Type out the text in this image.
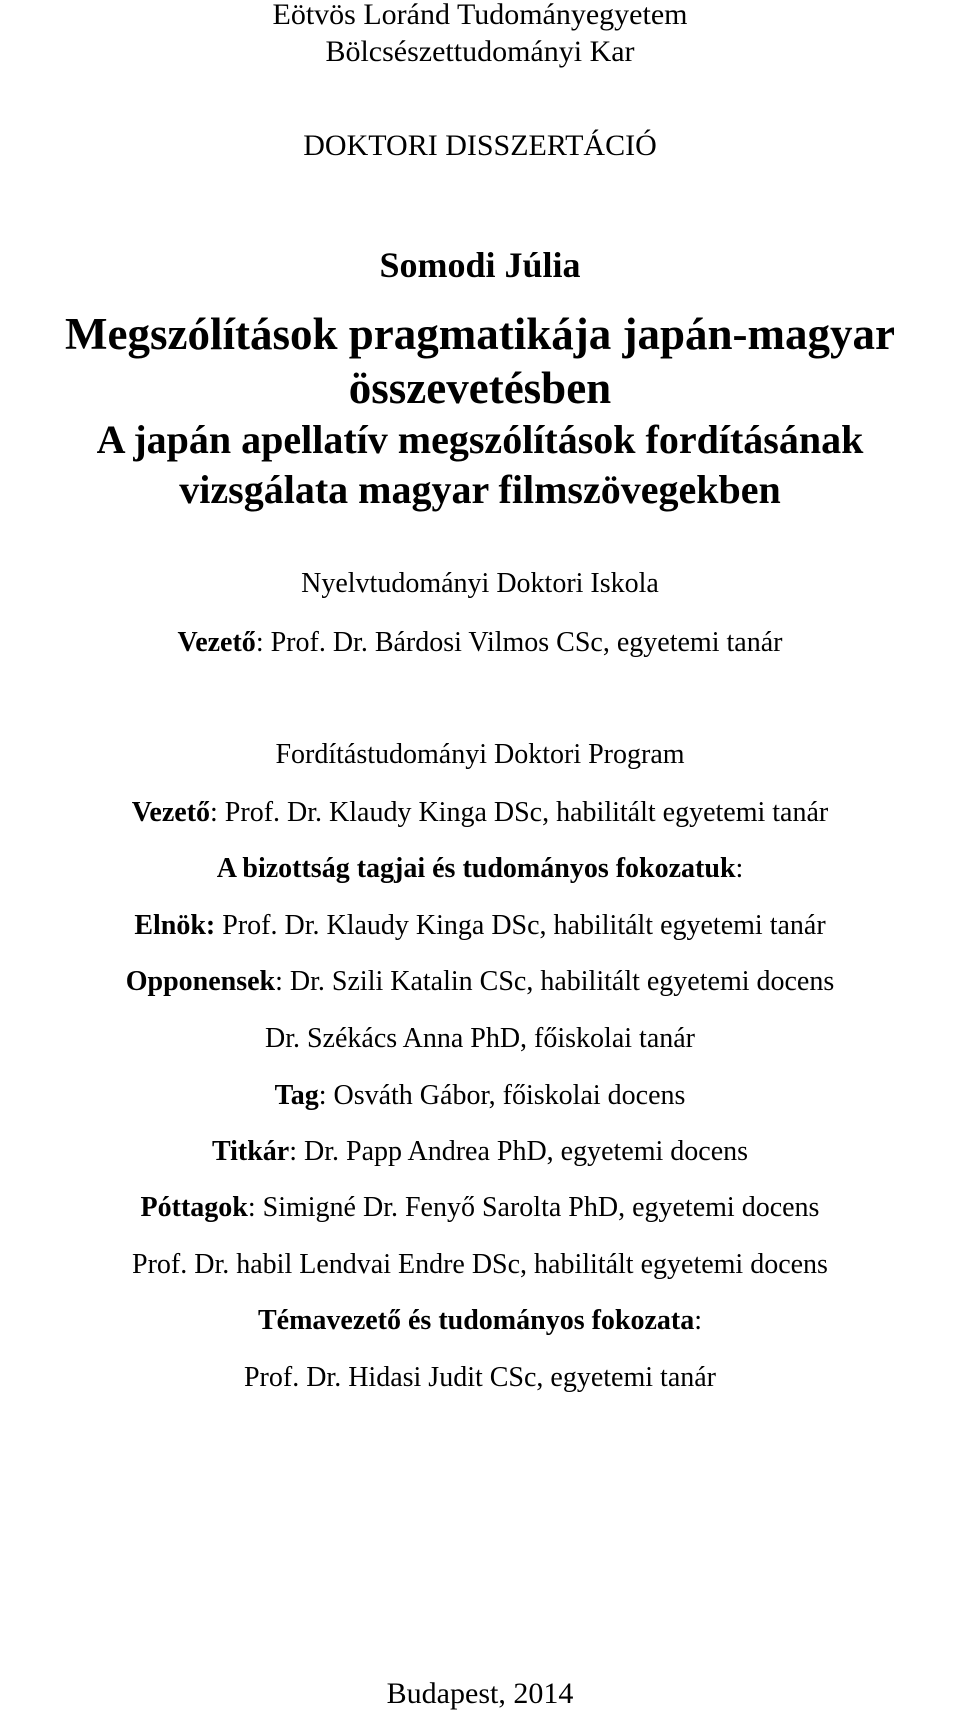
Eötvös Loránd Tudományegyetem
Bölcsészettudományi Kar
DOKTORI DISSZERTÁCIÓ
Somodi Júlia
Megszólítások pragmatikája japán-magyar
összevetésben
A japán apellatív megszólítások fordításának
vizsgálata magyar filmszövegekben
Nyelvtudományi Doktori Iskola
Vezető: Prof. Dr. Bárdosi Vilmos CSc, egyetemi tanár
Fordítástudományi Doktori Program
Vezető: Prof. Dr. Klaudy Kinga DSc, habilitált egyetemi tanár
A bizottság tagjai és tudományos fokozatuk:
Elnök: Prof. Dr. Klaudy Kinga DSc, habilitált egyetemi tanár
Opponensek: Dr. Szili Katalin CSc, habilitált egyetemi docens
Dr. Székács Anna PhD, főiskolai tanár
Tag: Osváth Gábor, főiskolai docens
Titkár: Dr. Papp Andrea PhD, egyetemi docens
Póttagok: Simigné Dr. Fenyő Sarolta PhD, egyetemi docens
Prof. Dr. habil Lendvai Endre DSc, habilitált egyetemi docens
Témavezető és tudományos fokozata:
Prof. Dr. Hidasi Judit CSc, egyetemi tanár
Budapest, 2014
